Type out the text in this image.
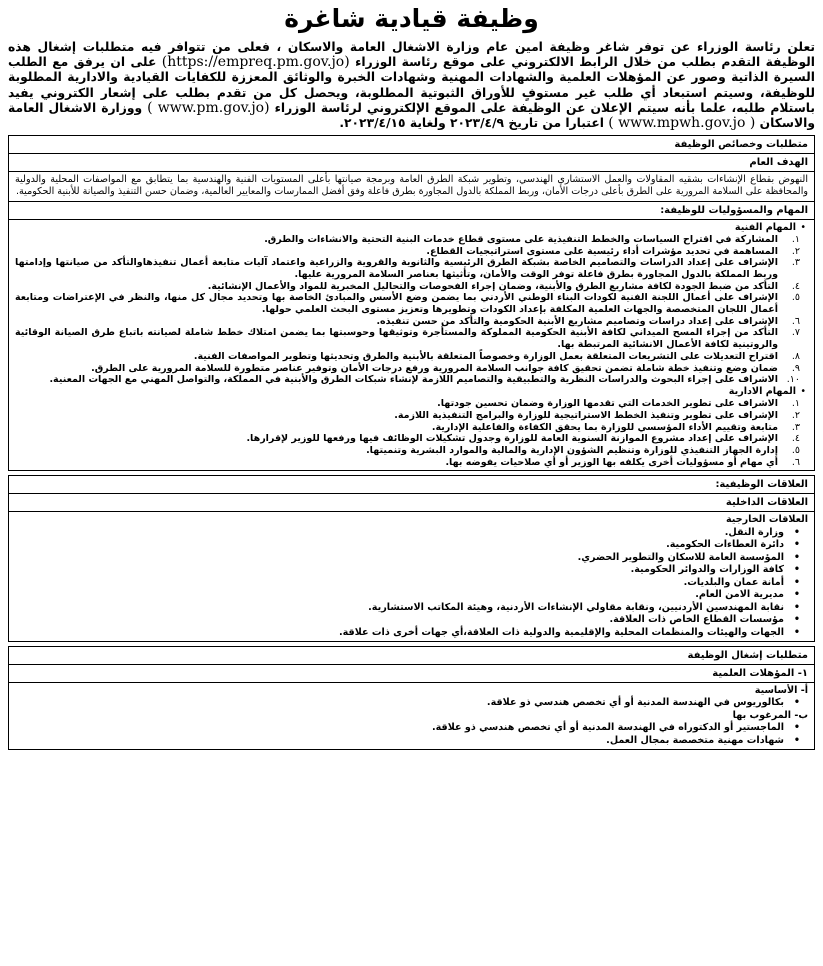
وظيفة قيادية شاغرة

تعلن رئاسة الوزراء عن توفر شاغر وظيفة امين عام وزارة الاشغال العامة والاسكان ، فعلى من تتوافر فيه متطلبات إشغال هذه الوظيفة التقدم بطلب من خلال الرابط الالكتروني على موقع رئاسة الوزراء (https://empreq.pm.gov.jo) على ان يرفق مع الطلب السيرة الذاتية وصور عن المؤهلات العلمية والشهادات المهنية وشهادات الخبرة والوثائق المعززة للكفايات القيادية والادارية المطلوبة للوظيفة، وسيتم استبعاد أي طلب غير مستوفٍ للأوراق الثبوتية المطلوبة، ويحصل كل من تقدم بطلب على إشعار الكتروني يفيد باستلام طلبه، علما بأنه سيتم الإعلان عن الوظيفة على الموقع الإلكتروني لرئاسة الوزراء ( www.pm.gov.jo) ووزارة الاشغال العامة والاسكان ( www.mpwh.gov.jo ) اعتبارا من تاريخ ٢٠٢٣/٤/٩ ولغاية ٢٠٢٣/٤/١٥.

متطلبات وخصائص الوظيفة
الهدف العام
النهوض بقطاع الإنشاءات بشقيه المقاولات والعمل الاستشاري الهندسي، وتطوير شبكة الطرق العامة وبرمجة صيانتها بأعلى المستويات الفنية والهندسية بما يتطابق مع المواصفات المحلية والدولية والمحافظة على السلامة المرورية على الطرق بأعلى درجات الأمان، وربط المملكة بالدول المجاورة بطرق فاعلة وفق أفضل الممارسات والمعايير العالمية، وضمان حسن التنفيذ والصيانة للأبنية الحكومية.
المهام والمسؤوليات للوظيفة:
• المهام الفنية
١.
المشاركة في اقتراح السياسات والخطط التنفيذية على مستوى قطاع خدمات البنية التحتية والانشاءات والطرق.
٢.
المساهمة في تحديد مؤشرات أداء رئيسية على مستوى استراتيجيات القطاع.
٣.
الإشراف على إعداد الدراسات والتصاميم الخاصة بشبكة الطرق الرئيسية والثانوية والقروية والزراعية واعتماد آليات متابعة أعمال تنفيذهاوالتأكد من صيانتها وإدامتها وربط المملكة بالدول المجاورة بطرق فاعلة توفر الوقت والأمان، وتأثيثها بعناصر السلامة المرورية عليها.
٤.
التأكد من ضبط الجودة لكافة مشاريع الطرق والأبنية، وضمان إجراء الفحوصات والتحاليل المخبرية للمواد والأعمال الإنشائية.
٥.
الإشراف على أعمال اللجنة الفنية لكودات البناء الوطني الأردني بما يضمن وضع الأسس والمبادئ الخاصة بها وتحديد مجال كل منها، والنظر في الإعتراضات ومتابعة أعمال اللجان المتخصصة والجهات العلمية المكلفة بإعداد الكودات وتطويرها وتعزيز مستوى البحث العلمي حولها.
٦.
الإشراف على إعداد دراسات وتصاميم مشاريع الأبنية الحكومية والتأكد من حسن تنفيذه.
٧.
التأكد من إجراء المسح الميداني لكافة الأبنية الحكومية المملوكة والمستأجرة وتوثيقها وحوسبتها بما يضمن امتلاك خطط شاملة لصيانته باتباع طرق الصيانة الوقائية والروتينية لكافة الأعمال الانشائية المرتبطة بها.
٨.
اقتراح التعديلات على التشريعات المتعلقة بعمل الوزارة وخصوصاً المتعلقة بالأبنية والطرق وتحديثها وتطوير المواصفات الفنية.
٩.
ضمان وضع وتنفيذ خطة شاملة تضمن تحقيق كافة جوانب السلامة المرورية ورفع درجات الأمان وتوفير عناصر متطورة للسلامة المرورية على الطرق.
١٠.
الاشراف على إجراء البحوث والدراسات النظرية والتطبيقية والتصاميم اللازمة لإنشاء شبكات الطرق والأبنية في المملكة، والتواصل المهني مع الجهات المعنية.
• المهام الادارية
١.
الاشراف على تطوير الخدمات التي تقدمها الوزارة وضمان تحسين جودتها.
٢.
الإشراف على تطوير وتنفيذ الخطط الاستراتيجية للوزارة والبرامج التنفيذية اللازمة.
٣.
متابعة وتقييم الأداء المؤسسي للوزارة بما يحقق الكفاءة والفاعلية الإدارية.
٤.
الإشراف على إعداد مشروع الموازنة السنوية العامة للوزارة وجدول تشكيلات الوظائف فيها ورفعها للوزير لإقرارها.
٥.
إدارة الجهاز التنفيذي للوزارة وتنظيم الشؤون الإدارية والمالية والموارد البشرية وتنميتها.
٦.
أي مهام أو مسؤوليات أخرى يكلفه بها الوزير أو أي صلاحيات يفوضه بها.
العلاقات الوظيفية:
العلاقات الداخلية
العلاقات الخارجية
• وزارة النقل.
• دائرة العطاءات الحكومية.
• المؤسسة العامة للاسكان والتطوير الحضري.
• كافة الوزارات والدوائر الحكومية.
• أمانة عمان والبلديات.
• مديرية الامن العام.
• نقابة المهندسين الأردنيين، ونقابة مقاولي الإنشاءات الأردنية، وهيئة المكاتب الاستشارية.
• مؤسسات القطاع الخاص ذات العلاقة.
• الجهات والهيئات والمنظمات المحلية والإقليمية والدولية ذات العلاقة،أي جهات أخرى ذات علاقة.
متطلبات إشغال الوظيفة
١- المؤهلات العلمية
أ- الأساسية
• بكالوريوس في الهندسة المدنية أو أي تخصص هندسي ذو علاقة.
ب- المرغوب بها
• الماجستير أو الدكتوراه في الهندسة المدنية أو أي تخصص هندسي ذو علاقة.
• شهادات مهنية متخصصة بمجال العمل.
